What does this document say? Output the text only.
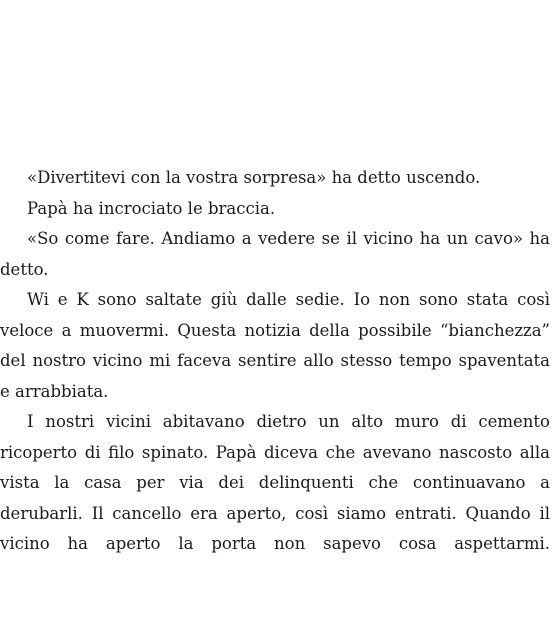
«Divertitevi con la vostra sorpresa» ha detto uscendo.

Papà ha incrociato le braccia.

«So come fare. Andiamo a vedere se il vicino ha un cavo» ha detto.

Wi e K sono saltate giù dalle sedie. Io non sono stata così veloce a muovermi. Questa notizia della possibile “bianchezza” del nostro vicino mi faceva sentire allo stesso tempo spaventata e arrabbiata.

I nostri vicini abitavano dietro un alto muro di cemento ricoperto di filo spinato. Papà diceva che avevano nascosto alla vista la casa per via dei delinquenti che continuavano a derubarli. Il cancello era aperto, così siamo entrati. Quando il vicino ha aperto la porta non sapevo cosa aspettarmi.
